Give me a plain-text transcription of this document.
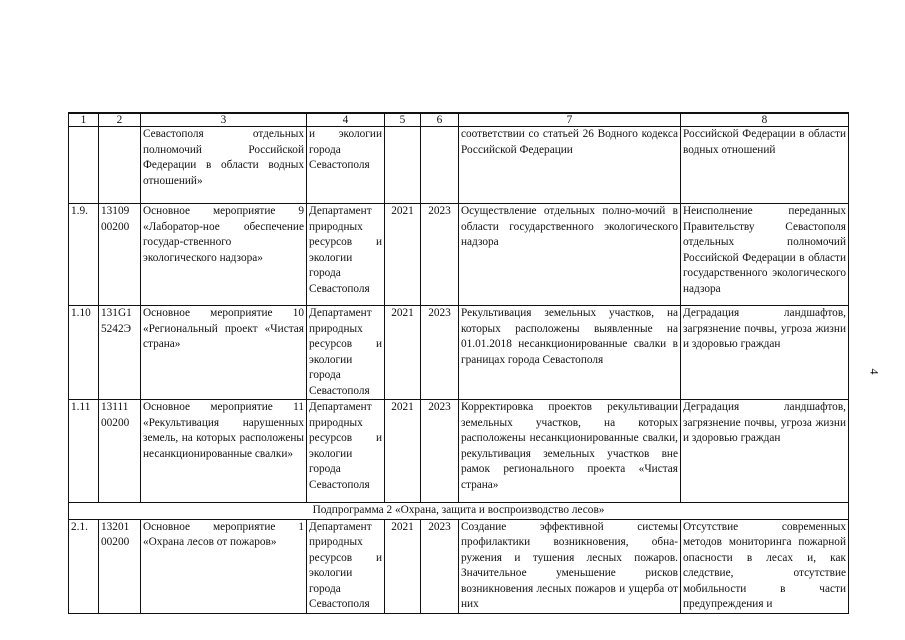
1	2	3	4	5	6	7	8
		Севастополя отдельных полномочий Российской Федерации в области водных отношений»	и экологии города Севастополя			соответствии со статьей 26 Водного кодекса Российской Федерации	Российской Федерации в области водных отношений
1.9.	13109 00200	Основное мероприятие 9 «Лаборатор-ное обеспечение государ-ственного экологического надзора»	Департамент природных ресурсов и экологии города Севастополя	2021	2023	Осуществление отдельных полно-мочий в области государственного экологического надзора	Неисполнение переданных Правительству Севастополя отдельных полномочий Российской Федерации в области государственного экологического надзора
1.10	131G1 5242Э	Основное мероприятие 10 «Региональный проект «Чистая страна»	Департамент природных ресурсов и экологии города Севастополя	2021	2023	Рекультивация земельных участков, на которых расположены выявленные на 01.01.2018 несанкционированные свалки в границах города Севастополя	Деградация ландшафтов, загрязнение почвы, угроза жизни и здоровью граждан
1.11	13111 00200	Основное мероприятие 11 «Рекультивация нарушенных земель, на которых расположены несанкционированные свалки»	Департамент природных ресурсов и экологии города Севастополя	2021	2023	Корректировка проектов рекультивации земельных участков, на которых расположены несанкционированные свалки, рекультивация земельных участков вне рамок регионального проекта «Чистая страна»	Деградация ландшафтов, загрязнение почвы, угроза жизни и здоровью граждан
Подпрограмма 2 «Охрана, защита и воспроизводство лесов»							
2.1.	13201 00200	Основное мероприятие 1 «Охрана лесов от пожаров»	Департамент природных ресурсов и экологии города Севастополя	2021	2023	Создание эффективной системы профилактики возникновения, обна-ружения и тушения лесных пожаров. Значительное уменьшение рисков возникновения лесных пожаров и ущерба от них	Отсутствие современных методов мониторинга пожарной опасности в лесах и, как следствие, отсутствие мобильности в части предупреждения и
4
